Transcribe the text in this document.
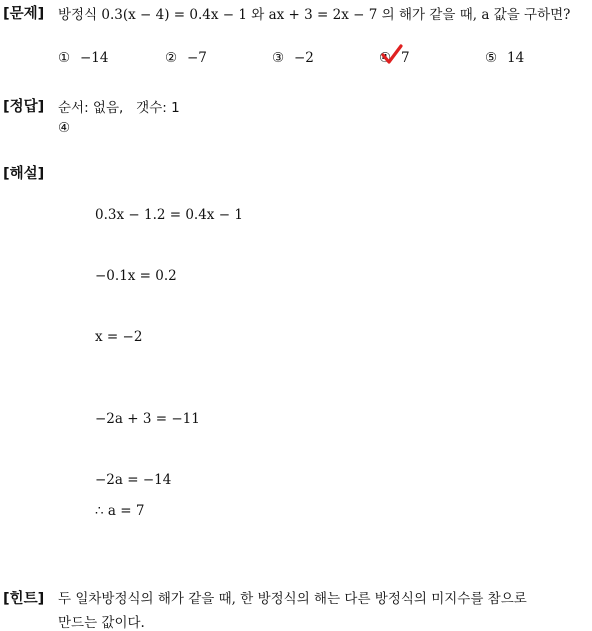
[문제] 방정식 0.3(x − 4) = 0.4x − 1 와 ax + 3 = 2x − 7 의 해가 같을 때, a 값을 구하면?
① −14	② −7	③ −2	④ 7	⑤ 14
[정답] 순서: 없음,   갯수: 1
④
[해설]
0.3x − 1.2 = 0.4x − 1
−0.1x = 0.2
x = −2
−2a + 3 = −11
−2a = −14
∴ a = 7
[힌트] 두 일차방정식의 해가 같을 때, 한 방정식의 해는 다른 방정식의 미지수를 참으로
만드는 값이다.
